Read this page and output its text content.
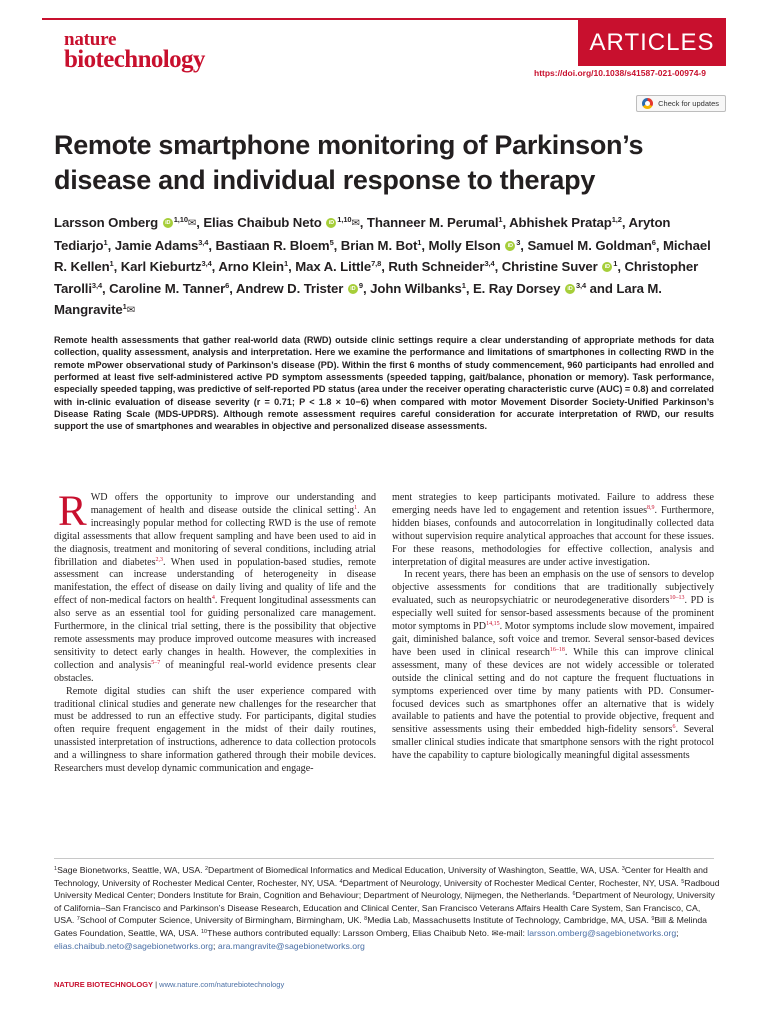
nature
biotechnology
ARTICLES
https://doi.org/10.1038/s41587-021-00974-9
Check for updates
Remote smartphone monitoring of Parkinson’s disease and individual response to therapy
Larsson Omberg iD $^{1,10}$✉, Elias Chaibub Neto iD $^{1,10}$✉, Thanneer M. Perumal$^1$, Abhishek Pratap$^{1,2}$, Aryton Tediarjo$^1$, Jamie Adams$^{3,4}$, Bastiaan R. Bloem$^5$, Brian M. Bot$^1$, Molly Elson iD $^3$, Samuel M. Goldman$^6$, Michael R. Kellen$^1$, Karl Kieburtz$^{3,4}$, Arno Klein$^1$, Max A. Little$^{7,8}$, Ruth Schneider$^{3,4}$, Christine Suver iD $^1$, Christopher Tarolli$^{3,4}$, Caroline M. Tanner$^6$, Andrew D. Trister iD $^9$, John Wilbanks$^1$, E. Ray Dorsey iD $^{3,4}$ and Lara M. Mangravite$^1$✉
Remote health assessments that gather real-world data (RWD) outside clinic settings require a clear understanding of appropriate methods for data collection, quality assessment, analysis and interpretation. Here we examine the performance and limitations of smartphones in collecting RWD in the remote mPower observational study of Parkinson’s disease (PD). Within the first 6 months of study commencement, 960 participants had enrolled and performed at least five self-administered active PD symptom assessments (speeded tapping, gait/balance, phonation or memory). Task performance, especially speeded tapping, was predictive of self-reported PD status (area under the receiver operating characteristic curve (AUC) = 0.8) and correlated with in-clinic evaluation of disease severity (r = 0.71; P < 1.8 × 10−6) when compared with motor Movement Disorder Society-Unified Parkinson’s Disease Rating Scale (MDS-UPDRS). Although remote assessment requires careful consideration for accurate interpretation of RWD, our results support the use of smartphones and wearables in objective and personalized disease assessments.

RWD offers the opportunity to improve our understanding and management of health and disease outside the clinical setting$^1$. An increasingly popular method for collecting RWD is the use of remote digital assessments that allow frequent sampling and have been used to aid in the diagnosis, treatment and monitoring of several conditions, including atrial fibrillation and diabetes$^{2,3}$. When used in population-based studies, remote assessment can increase understanding of heterogeneity in disease manifestation, the effect of disease on daily living and quality of life and the effect of non-medical factors on health$^4$. Frequent longitudinal assessments can also serve as an essential tool for guiding personalized care management. Furthermore, in the clinical trial setting, there is the possibility that objective remote assessments may produce improved outcome measures with increased sensitivity to detect early changes in health. However, the complexities in collection and analysis$^{5-7}$ of meaningful real-world evidence presents clear obstacles.

Remote digital studies can shift the user experience compared with traditional clinical studies and generate new challenges for the researcher that must be addressed to run an effective study. For participants, digital studies often require frequent engagement in the midst of their daily routines, unassisted interpretation of instructions, adherence to data collection protocols and a willingness to share information gathered through their mobile devices. Researchers must develop dynamic communication and engage-

ment strategies to keep participants motivated. Failure to address these emerging needs have led to engagement and retention issues$^{8,9}$. Furthermore, hidden biases, confounds and autocorrelation in longitudinally collected data without supervision require analytical approaches that account for these issues. For these reasons, methodologies for effective collection, analysis and interpretation of digital measures are under active investigation.

In recent years, there has been an emphasis on the use of sensors to develop objective assessments for conditions that are traditionally subjectively evaluated, such as neuropsychiatric or neurodegenerative disorders$^{10-13}$. PD is especially well suited for sensor-based assessments because of the prominent motor symptoms in PD$^{14,15}$. Motor symptoms include slow movement, impaired gait, diminished balance, soft voice and tremor. Several sensor-based devices have been used in clinical research$^{16-18}$. While this can improve clinical assessment, many of these devices are not widely accessible or tolerated outside the clinical setting and do not capture the frequent fluctuations in symptoms experienced over time by many patients with PD. Consumer-focused devices such as smartphones offer an alternative that is widely available to patients and have the potential to provide objective, frequent and sensitive assessments using their embedded high-fidelity sensors$^6$. Several smaller clinical studies indicate that smartphone sensors with the right protocol have the capability to capture biologically meaningful digital assessments

$^1$Sage Bionetworks, Seattle, WA, USA. $^2$Department of Biomedical Informatics and Medical Education, University of Washington, Seattle, WA, USA. $^3$Center for Health and Technology, University of Rochester Medical Center, Rochester, NY, USA. $^4$Department of Neurology, University of Rochester Medical Center, Rochester, NY, USA. $^5$Radboud University Medical Center; Donders Institute for Brain, Cognition and Behaviour; Department of Neurology, Nijmegen, the Netherlands. $^6$Department of Neurology, University of California–San Francisco and Parkinson’s Disease Research, Education and Clinical Center, San Francisco Veterans Affairs Health Care System, San Francisco, CA, USA. $^7$School of Computer Science, University of Birmingham, Birmingham, UK. $^8$Media Lab, Massachusetts Institute of Technology, Cambridge, MA, USA. $^9$Bill & Melinda Gates Foundation, Seattle, WA, USA. $^{10}$These authors contributed equally: Larsson Omberg, Elias Chaibub Neto. ✉e-mail: larsson.omberg@sagebionetworks.org; elias.chaibub.neto@sagebionetworks.org; ara.mangravite@sagebionetworks.org
NATURE BIOTECHNOLOGY | www.nature.com/naturebiotechnology
